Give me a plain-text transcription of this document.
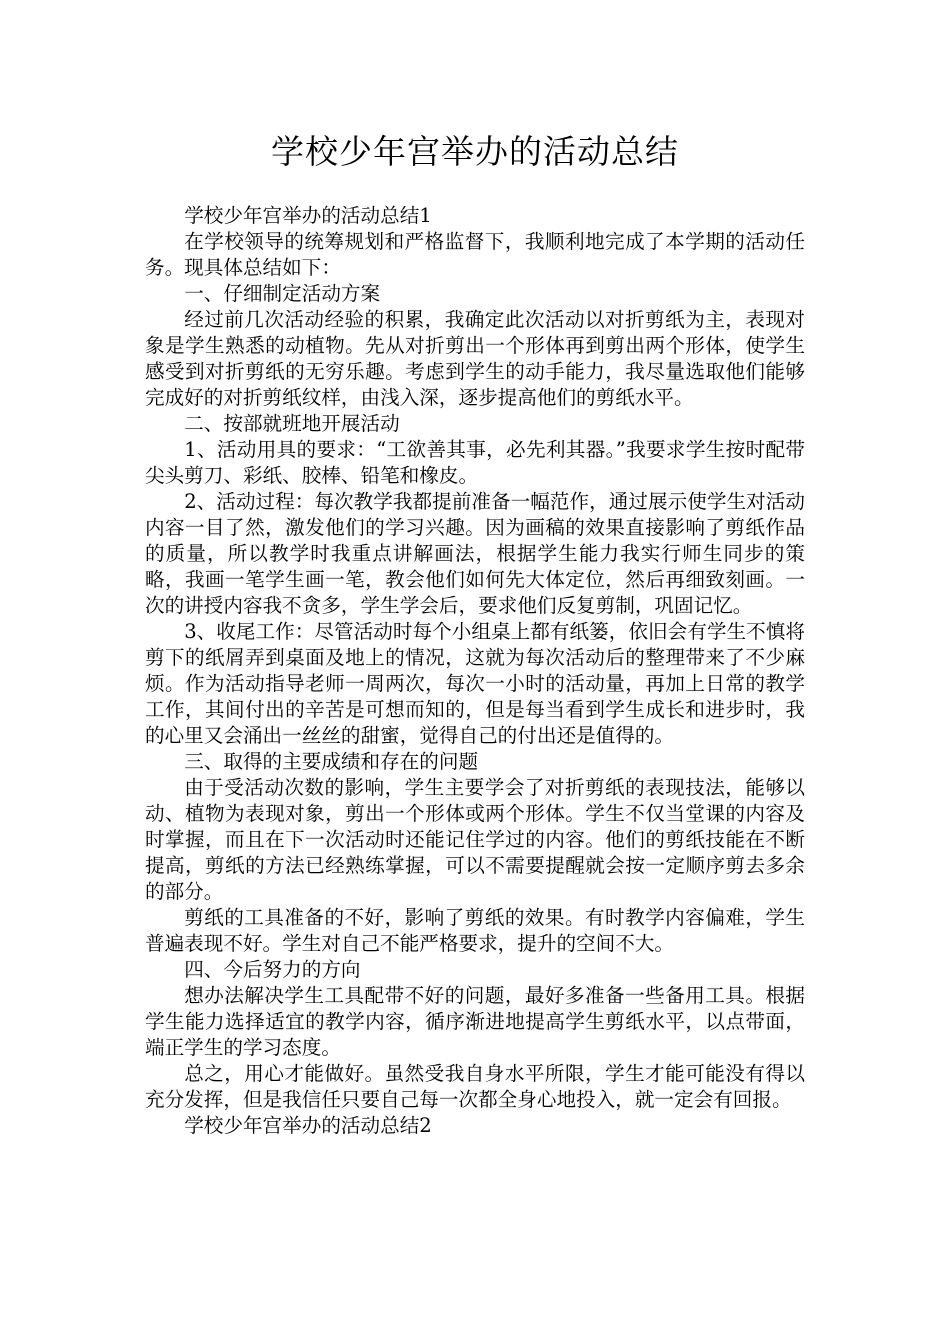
学校少年宫举办的活动总结

学校少年宫举办的活动总结1

在学校领导的统筹规划和严格监督下，我顺利地完成了本学期的活动任务。现具体总结如下：

一、仔细制定活动方案

经过前几次活动经验的积累，我确定此次活动以对折剪纸为主，表现对象是学生熟悉的动植物。先从对折剪出一个形体再到剪出两个形体，使学生感受到对折剪纸的无穷乐趣。考虑到学生的动手能力，我尽量选取他们能够完成好的对折剪纸纹样，由浅入深，逐步提高他们的剪纸水平。

二、按部就班地开展活动

1、活动用具的要求：“工欲善其事，必先利其器。”我要求学生按时配带尖头剪刀、彩纸、胶棒、铅笔和橡皮。

2、活动过程：每次教学我都提前准备一幅范作，通过展示使学生对活动内容一目了然，激发他们的学习兴趣。因为画稿的效果直接影响了剪纸作品的质量，所以教学时我重点讲解画法，根据学生能力我实行师生同步的策略，我画一笔学生画一笔，教会他们如何先大体定位，然后再细致刻画。一次的讲授内容我不贪多，学生学会后，要求他们反复剪制，巩固记忆。

3、收尾工作：尽管活动时每个小组桌上都有纸篓，依旧会有学生不慎将剪下的纸屑弄到桌面及地上的情况，这就为每次活动后的整理带来了不少麻烦。作为活动指导老师一周两次，每次一小时的活动量，再加上日常的教学工作，其间付出的辛苦是可想而知的，但是每当看到学生成长和进步时，我的心里又会涌出一丝丝的甜蜜，觉得自己的付出还是值得的。

三、取得的主要成绩和存在的问题

由于受活动次数的影响，学生主要学会了对折剪纸的表现技法，能够以动、植物为表现对象，剪出一个形体或两个形体。学生不仅当堂课的内容及时掌握，而且在下一次活动时还能记住学过的内容。他们的剪纸技能在不断提高，剪纸的方法已经熟练掌握，可以不需要提醒就会按一定顺序剪去多余的部分。

剪纸的工具准备的不好，影响了剪纸的效果。有时教学内容偏难，学生普遍表现不好。学生对自己不能严格要求，提升的空间不大。

四、今后努力的方向

想办法解决学生工具配带不好的问题，最好多准备一些备用工具。根据学生能力选择适宜的教学内容，循序渐进地提高学生剪纸水平，以点带面，端正学生的学习态度。

总之，用心才能做好。虽然受我自身水平所限，学生才能可能没有得以充分发挥，但是我信任只要自己每一次都全身心地投入，就一定会有回报。

学校少年宫举办的活动总结2
